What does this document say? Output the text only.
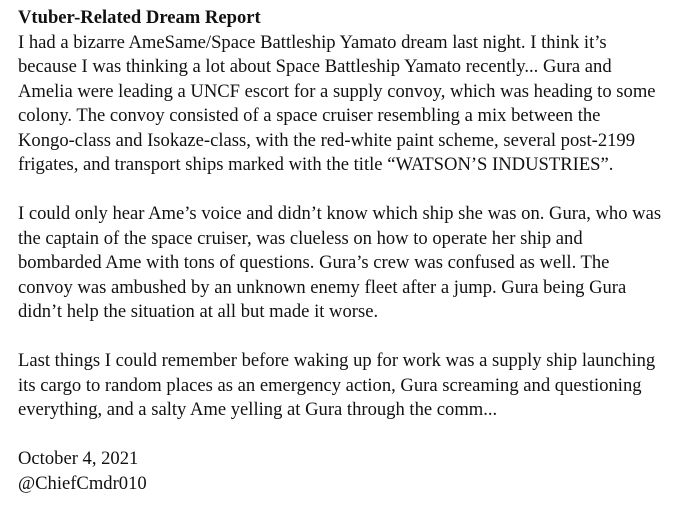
Vtuber-Related Dream Report
I had a bizarre AmeSame/Space Battleship Yamato dream last night. I think it’s
because I was thinking a lot about Space Battleship Yamato recently... Gura and
Amelia were leading a UNCF escort for a supply convoy, which was heading to some
colony. The convoy consisted of a space cruiser resembling a mix between the
Kongo-class and Isokaze-class, with the red-white paint scheme, several post-2199
frigates, and transport ships marked with the title “WATSON’S INDUSTRIES”.
I could only hear Ame’s voice and didn’t know which ship she was on. Gura, who was
the captain of the space cruiser, was clueless on how to operate her ship and
bombarded Ame with tons of questions. Gura’s crew was confused as well. The
convoy was ambushed by an unknown enemy fleet after a jump. Gura being Gura
didn’t help the situation at all but made it worse.
Last things I could remember before waking up for work was a supply ship launching
its cargo to random places as an emergency action, Gura screaming and questioning
everything, and a salty Ame yelling at Gura through the comm...
October 4, 2021
@ChiefCmdr010
